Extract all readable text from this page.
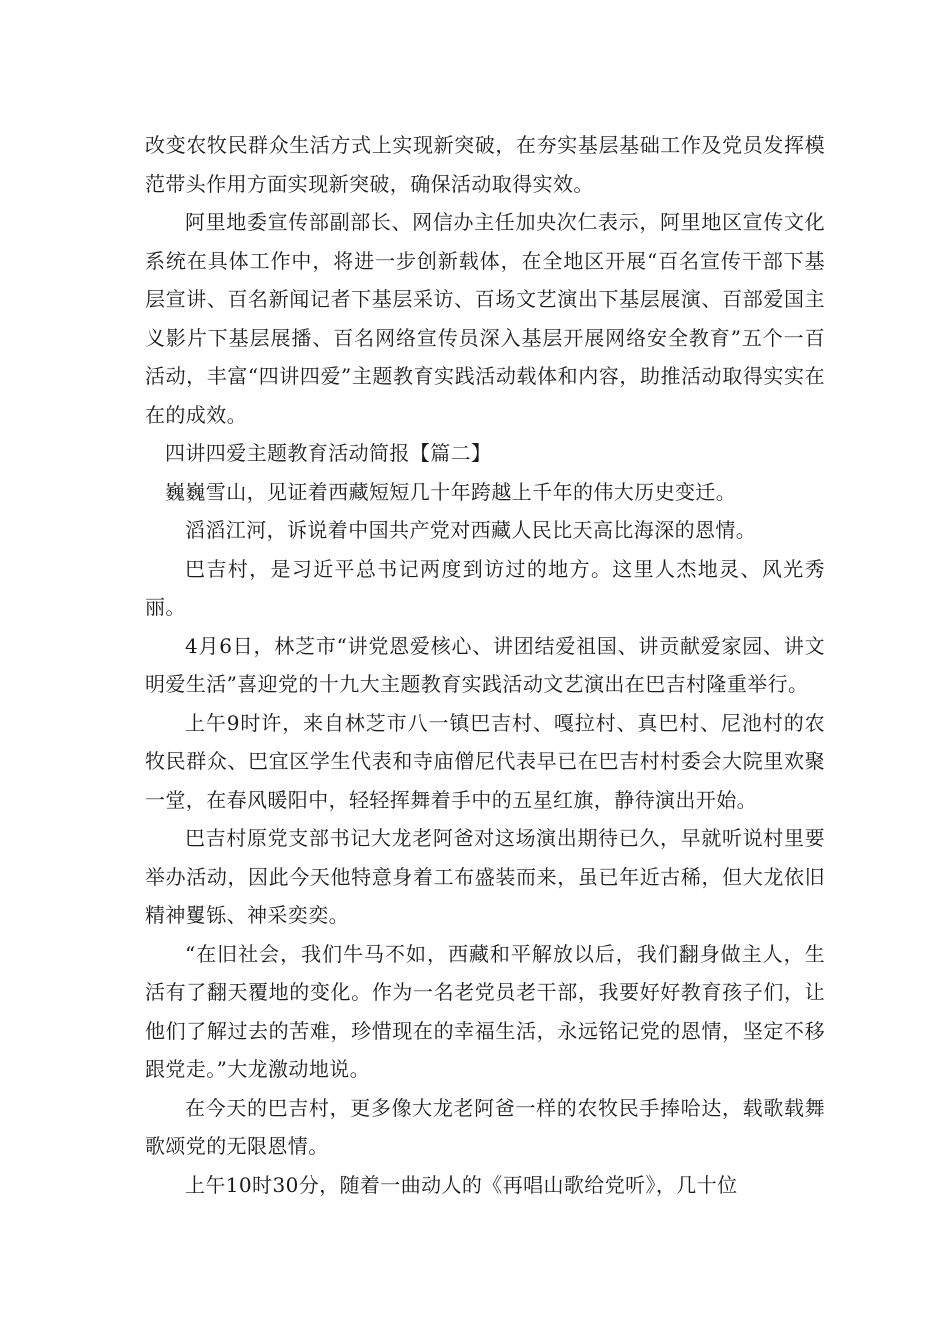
改变农牧民群众生活方式上实现新突破，在夯实基层基础工作及党员发挥模范带头作用方面实现新突破，确保活动取得实效。

阿里地委宣传部副部长、网信办主任加央次仁表示，阿里地区宣传文化系统在具体工作中，将进一步创新载体，在全地区开展“百名宣传干部下基层宣讲、百名新闻记者下基层采访、百场文艺演出下基层展演、百部爱国主义影片下基层展播、百名网络宣传员深入基层开展网络安全教育”五个一百活动，丰富“四讲四爱”主题教育实践活动载体和内容，助推活动取得实实在在的成效。

四讲四爱主题教育活动简报【篇二】

巍巍雪山，见证着西藏短短几十年跨越上千年的伟大历史变迁。

滔滔江河，诉说着中国共产党对西藏人民比天高比海深的恩情。

巴吉村，是习近平总书记两度到访过的地方。这里人杰地灵、风光秀丽。

4月6日，林芝市“讲党恩爱核心、讲团结爱祖国、讲贡献爱家园、讲文明爱生活”喜迎党的十九大主题教育实践活动文艺演出在巴吉村隆重举行。

上午9时许，来自林芝市八一镇巴吉村、嘎拉村、真巴村、尼池村的农牧民群众、巴宜区学生代表和寺庙僧尼代表早已在巴吉村村委会大院里欢聚一堂，在春风暖阳中，轻轻挥舞着手中的五星红旗，静待演出开始。

巴吉村原党支部书记大龙老阿爸对这场演出期待已久，早就听说村里要举办活动，因此今天他特意身着工布盛装而来，虽已年近古稀，但大龙依旧精神矍铄、神采奕奕。

“在旧社会，我们牛马不如，西藏和平解放以后，我们翻身做主人，生活有了翻天覆地的变化。作为一名老党员老干部，我要好好教育孩子们，让他们了解过去的苦难，珍惜现在的幸福生活，永远铭记党的恩情，坚定不移跟党走。”大龙激动地说。

在今天的巴吉村，更多像大龙老阿爸一样的农牧民手捧哈达，载歌载舞歌颂党的无限恩情。

上午10时30分，随着一曲动人的《再唱山歌给党听》，几十位
